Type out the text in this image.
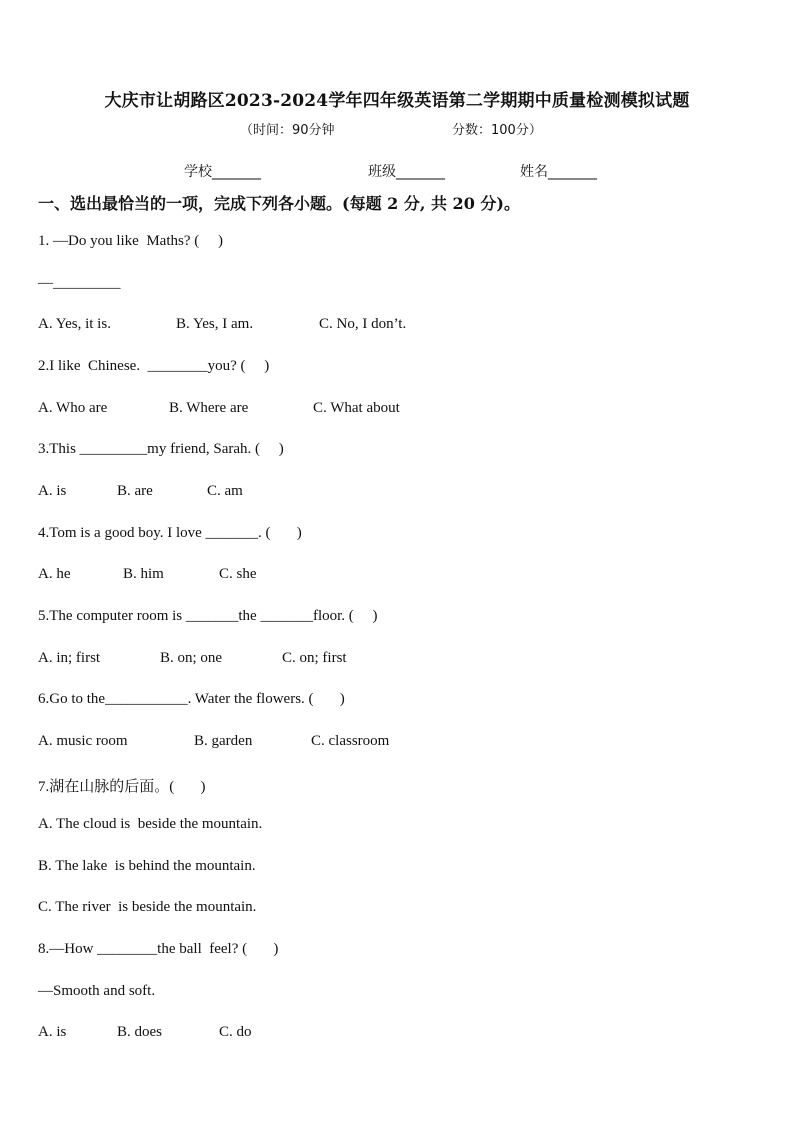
大庆市让胡路区2023-2024学年四年级英语第二学期期中质量检测模拟试题
（时间：90分钟	分数：100分）
学校_______	班级_______	姓名_______
一、选出最恰当的一项，完成下列各小题。(每题 2 分, 共 20 分)。
1. —Do you like  Maths? (     )
—_________
A. Yes, it is.	B. Yes, I am.	C. No, I don’t.
2.I like  Chinese.  ________you? (     )
A. Who are	B. Where are	C. What about
3.This _________my friend, Sarah. (     )
A. is	B. are	C. am
4.Tom is a good boy. I love _______. (       )
A. he	B. him	C. she
5.The computer room is _______the _______floor. (     )
A. in; first	B. on; one	C. on; first
6.Go to the___________. Water the flowers. (       )
A. music room	B. garden	C. classroom
7.湖在山脉的后面。(       )
A. The cloud is  beside the mountain.
B. The lake  is behind the mountain.
C. The river  is beside the mountain.
8.—How ________the ball  feel? (       )
—Smooth and soft.
A. is	B. does	C. do
